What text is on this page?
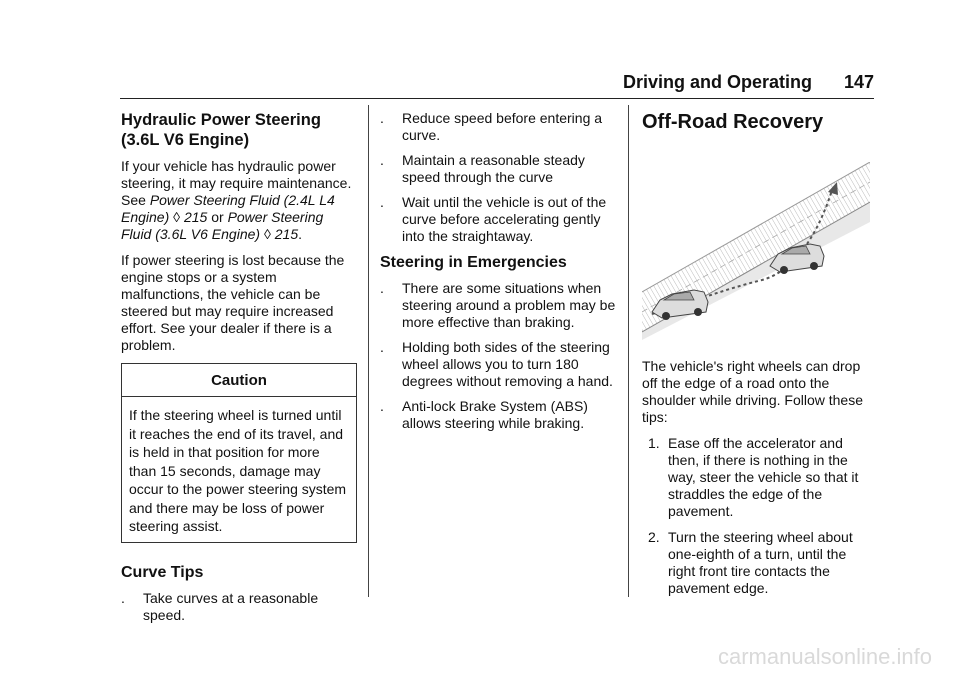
Driving and Operating 147
Hydraulic Power Steering (3.6L V6 Engine)

If your vehicle has hydraulic power steering, it may require maintenance. See Power Steering Fluid (2.4L L4 Engine) ◊ 215 or Power Steering Fluid (3.6L V6 Engine) ◊ 215.

If power steering is lost because the engine stops or a system malfunctions, the vehicle can be steered but may require increased effort. See your dealer if there is a problem.

Caution
If the steering wheel is turned until it reaches the end of its travel, and is held in that position for more than 15 seconds, damage may occur to the power steering system and there may be loss of power steering assist.
Curve Tips
. Take curves at a reasonable speed.
. Reduce speed before entering a curve.
. Maintain a reasonable steady speed through the curve
. Wait until the vehicle is out of the curve before accelerating gently into the straightaway.
Steering in Emergencies
. There are some situations when steering around a problem may be more effective than braking.
. Holding both sides of the steering wheel allows you to turn 180 degrees without removing a hand.
. Anti-lock Brake System (ABS) allows steering while braking.
Off-Road Recovery

The vehicle's right wheels can drop off the edge of a road onto the shoulder while driving. Follow these tips:

1. Ease off the accelerator and then, if there is nothing in the way, steer the vehicle so that it straddles the edge of the pavement.
2. Turn the steering wheel about one-eighth of a turn, until the right front tire contacts the pavement edge.
carmanualsonline.info
